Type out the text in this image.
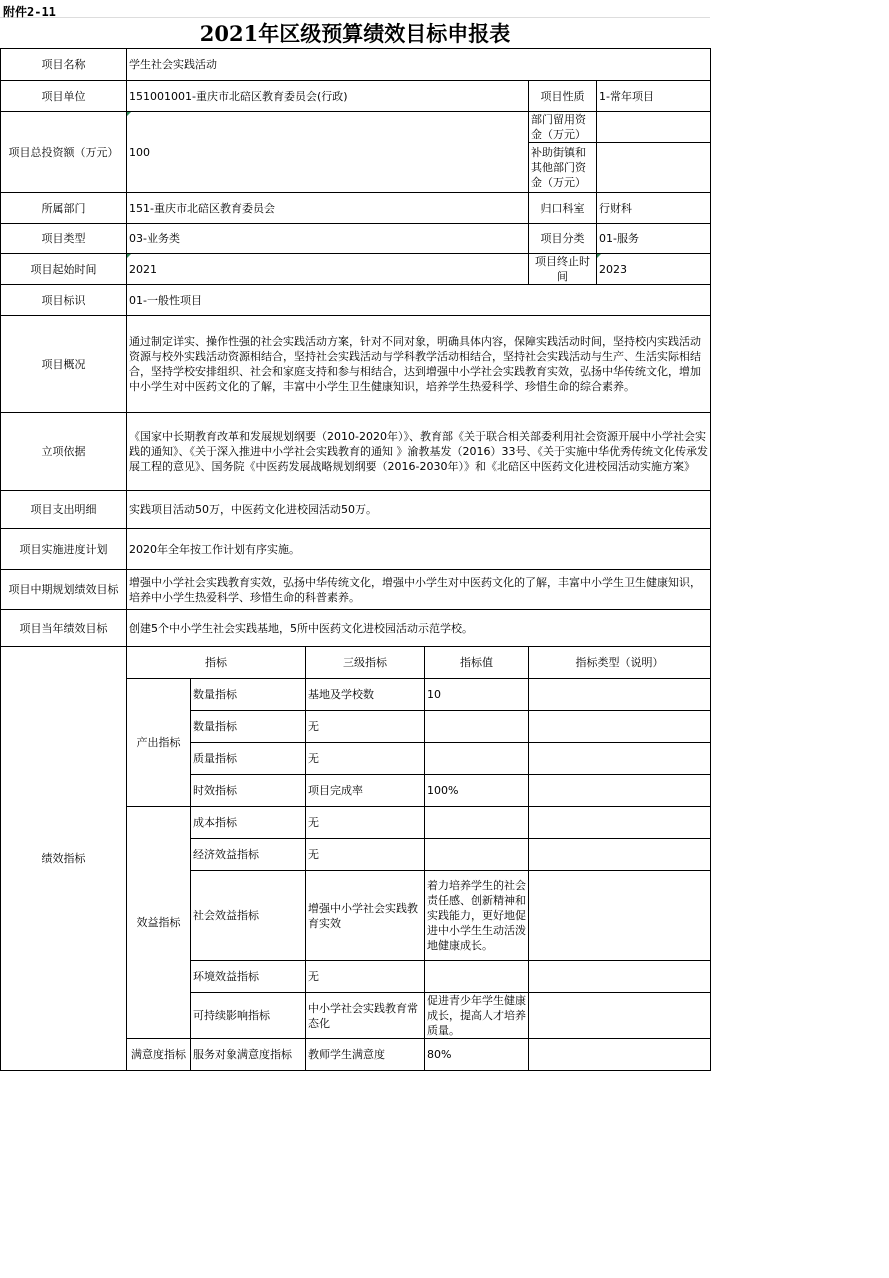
附件2-11
2021年区级预算绩效目标申报表
项目名称	学生社会实践活动					
项目单位	151001001-重庆市北碚区教育委员会(行政)				项目性质	1-常年项目
项目总投资额（万元）	100				部门留用资金（万元）	
					补助街镇和其他部门资金（万元）	
所属部门	151-重庆市北碚区教育委员会				归口科室	行财科
项目类型	03-业务类				项目分类	01-服务
项目起始时间	2021				项目终止时间	2023
项目标识	01-一般性项目					
项目概况	通过制定详实、操作性强的社会实践活动方案，针对不同对象，明确具体内容，保障实践活动时间，坚持校内实践活动资源与校外实践活动资源相结合，坚持社会实践活动与学科教学活动相结合，坚持社会实践活动与生产、生活实际相结合，坚持学校安排组织、社会和家庭支持和参与相结合，达到增强中小学社会实践教育实效，弘扬中华传统文化，增加中小学生对中医药文化的了解，丰富中小学生卫生健康知识，培养学生热爱科学、珍惜生命的综合素养。					
立项依据	《国家中长期教育改革和发展规划纲要（2010-2020年）》、教育部《关于联合相关部委利用社会资源开展中小学社会实践的通知》、《关于深入推进中小学社会实践教育的通知 》渝教基发（2016）33号、《关于实施中华优秀传统文化传承发展工程的意见》、国务院《中医药发展战略规划纲要（2016-2030年）》和《北碚区中医药文化进校园活动实施方案》					
项目支出明细	实践项目活动50万，中医药文化进校园活动50万。					
项目实施进度计划	2020年全年按工作计划有序实施。					
项目中期规划绩效目标	增强中小学社会实践教育实效，弘扬中华传统文化，增强中小学生对中医药文化的了解，丰富中小学生卫生健康知识，培养中小学生热爱科学、珍惜生命的科普素养。					
项目当年绩效目标	创建5个中小学生社会实践基地，5所中医药文化进校园活动示范学校。					
绩效指标	指标		三级指标	指标值	指标类型（说明）	
	产出指标	数量指标	基地及学校数	10		
		数量指标	无			
		质量指标	无			
		时效指标	项目完成率	100%		
	效益指标	成本指标	无			
		经济效益指标	无			
		社会效益指标	增强中小学社会实践教育实效	着力培养学生的社会责任感、创新精神和实践能力，更好地促进中小学生生动活泼地健康成长。		
		环境效益指标	无			
		可持续影响指标	中小学社会实践教育常态化	促进青少年学生健康成长，提高人才培养质量。		
	满意度指标	服务对象满意度指标	教师学生满意度	80%		
